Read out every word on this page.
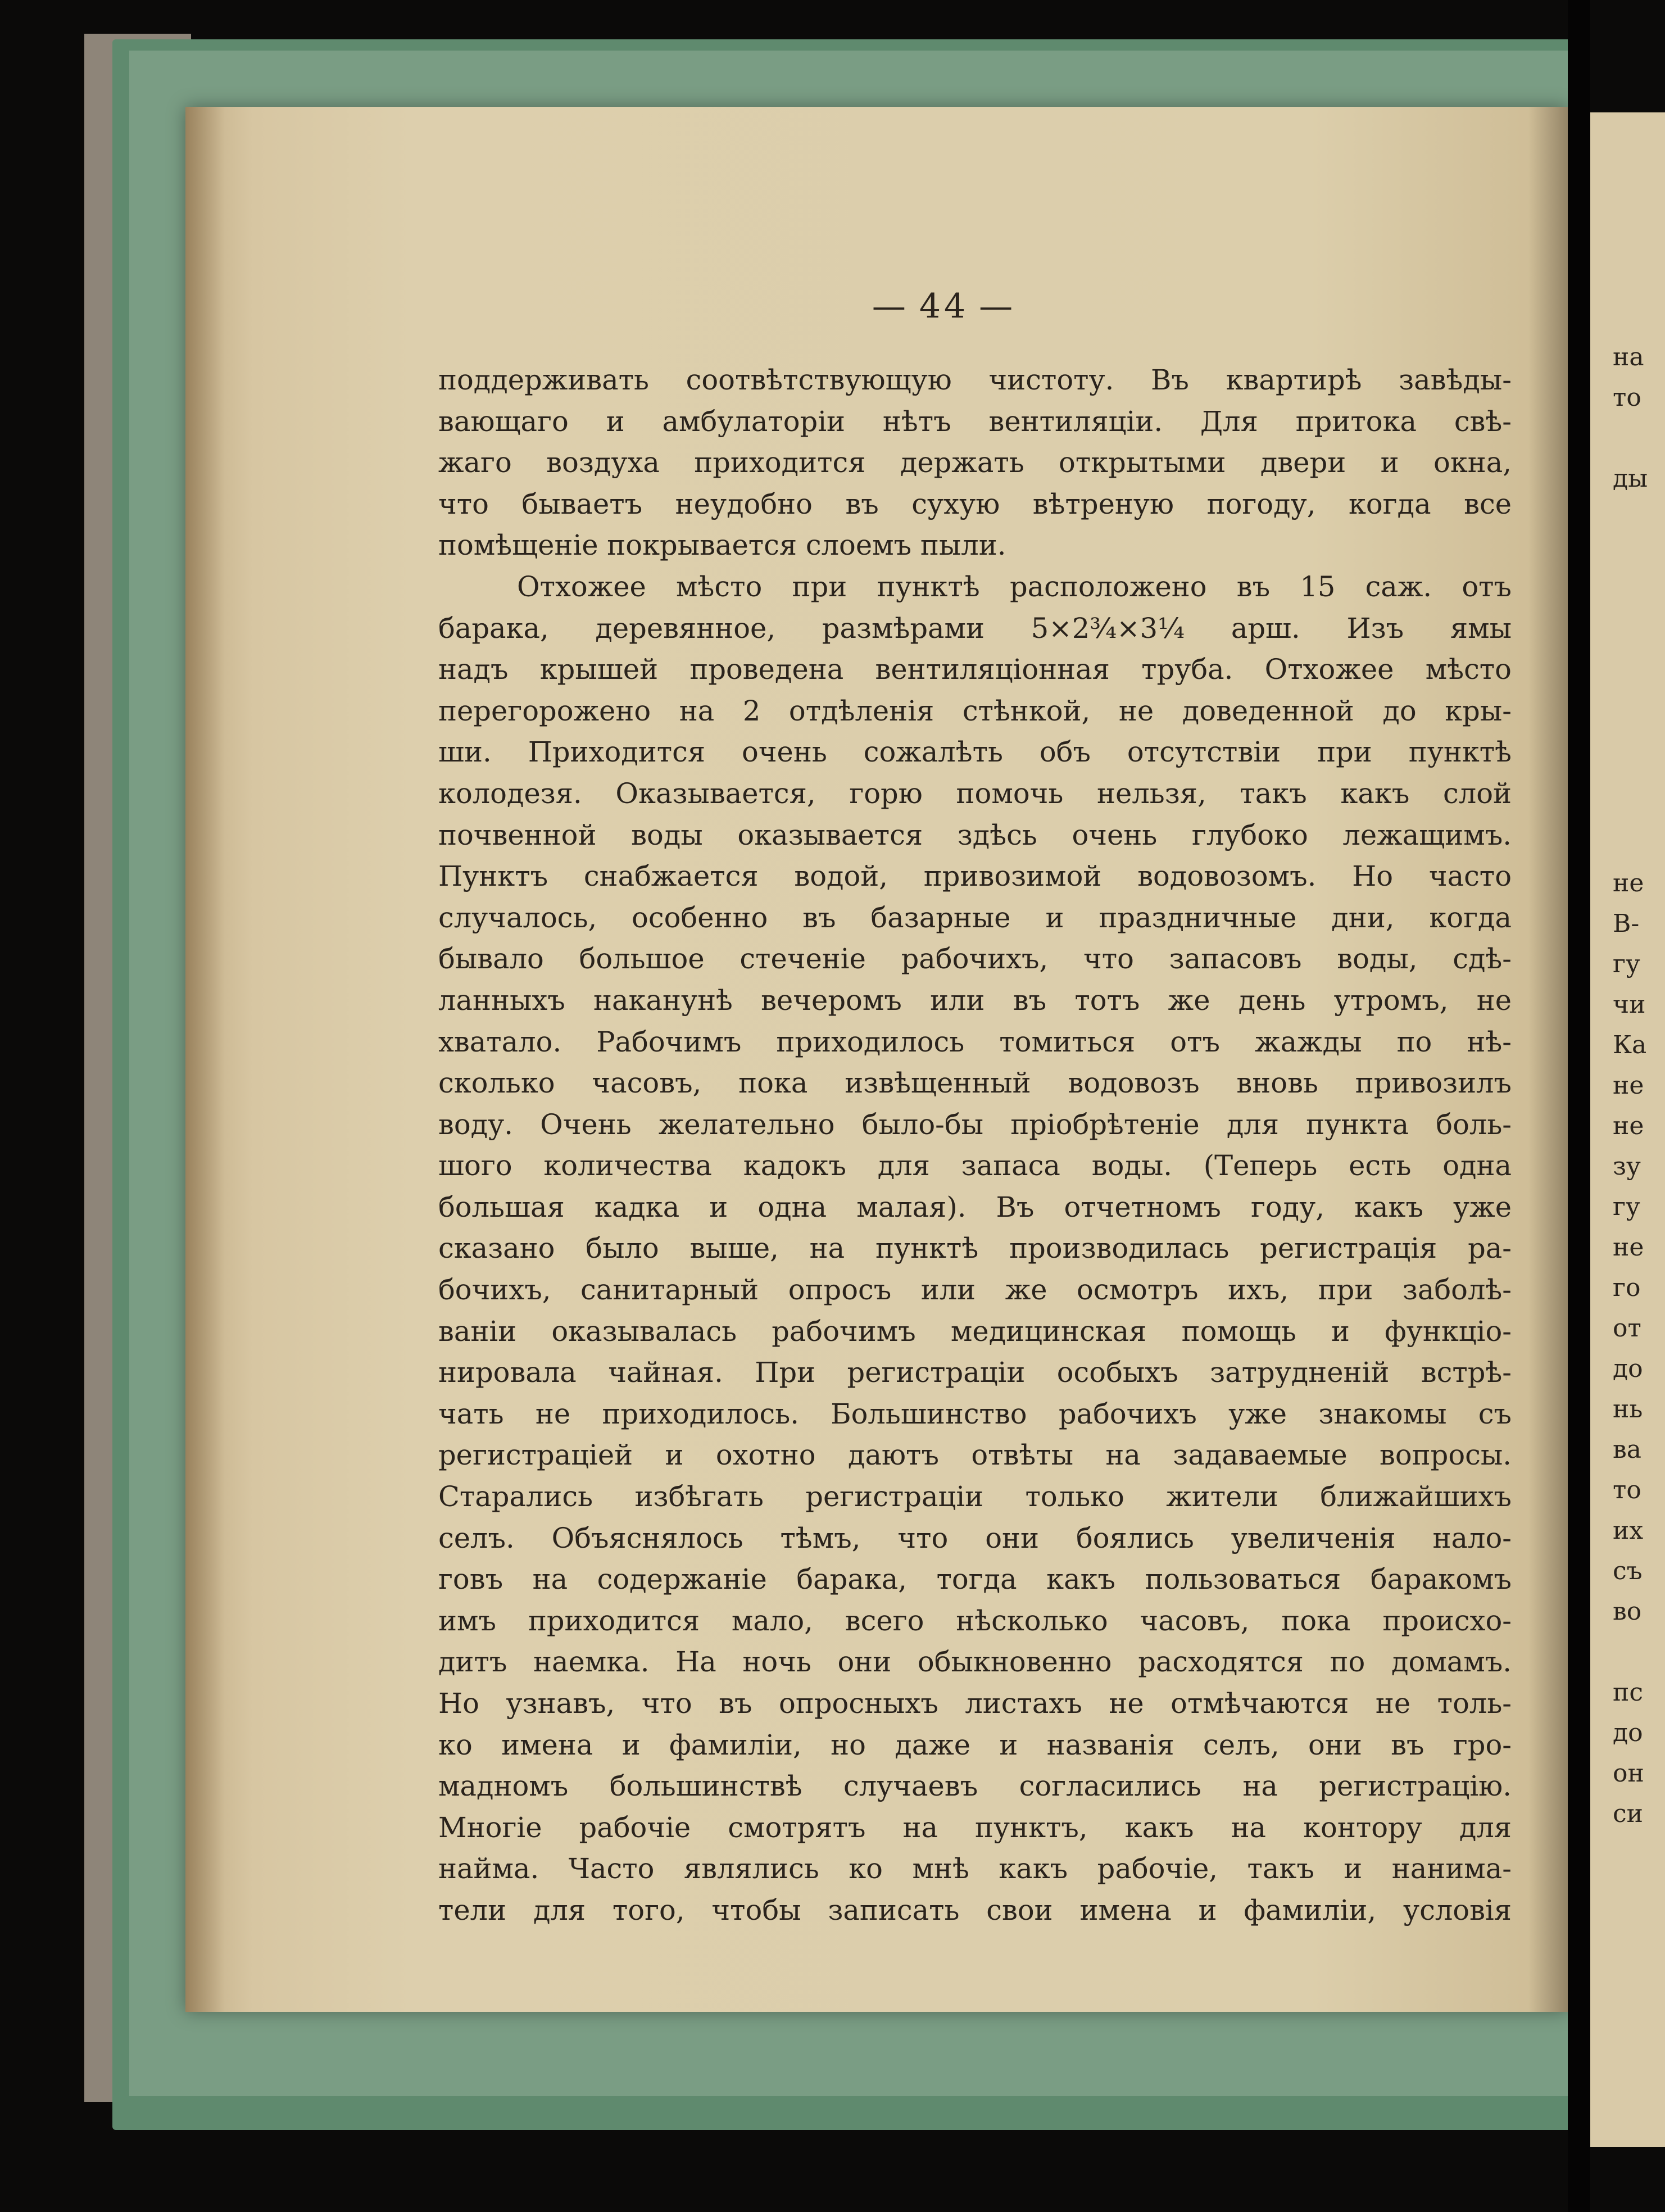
— 44 —
поддерживать соотвѣтствующую чистоту. Въ квартирѣ завѣды-
вающаго и амбулаторіи нѣтъ вентиляціи. Для притока свѣ-
жаго воздуха приходится держать открытыми двери и окна,
что бываетъ неудобно въ сухую вѣтреную погоду, когда все
помѣщеніе покрывается слоемъ пыли.
Отхожее мѣсто при пунктѣ расположено въ 15 саж. отъ
барака, деревянное, размѣрами 5×2¾×3¼ арш. Изъ ямы
надъ крышей проведена вентиляціонная труба. Отхожее мѣсто
перегорожено на 2 отдѣленія стѣнкой, не доведенной до кры-
ши. Приходится очень сожалѣть объ отсутствіи при пунктѣ
колодезя. Оказывается, горю помочь нельзя, такъ какъ слой
почвенной воды оказывается здѣсь очень глубоко лежащимъ.
Пунктъ снабжается водой, привозимой водовозомъ. Но часто
случалось, особенно въ базарные и праздничные дни, когда
бывало большое стеченіе рабочихъ, что запасовъ воды, сдѣ-
ланныхъ наканунѣ вечеромъ или въ тотъ же день утромъ, не
хватало. Рабочимъ приходилось томиться отъ жажды по нѣ-
сколько часовъ, пока извѣщенный водовозъ вновь привозилъ
воду. Очень желательно было-бы пріобрѣтеніе для пункта боль-
шого количества кадокъ для запаса воды. (Теперь есть одна
большая кадка и одна малая). Въ отчетномъ году, какъ уже
сказано было выше, на пунктѣ производилась регистрація ра-
бочихъ, санитарный опросъ или же осмотръ ихъ, при заболѣ-
ваніи оказывалась рабочимъ медицинская помощь и функціо-
нировала чайная. При регистраціи особыхъ затрудненій встрѣ-
чать не приходилось. Большинство рабочихъ уже знакомы съ
регистраціей и охотно даютъ отвѣты на задаваемые вопросы.
Старались избѣгать регистраціи только жители ближайшихъ
селъ. Объяснялось тѣмъ, что они боялись увеличенія нало-
говъ на содержаніе барака, тогда какъ пользоваться баракомъ
имъ приходится мало, всего нѣсколько часовъ, пока происхо-
дитъ наемка. На ночь они обыкновенно расходятся по домамъ.
Но узнавъ, что въ опросныхъ листахъ не отмѣчаются не толь-
ко имена и фамиліи, но даже и названія селъ, они въ гро-
мадномъ большинствѣ случаевъ согласились на регистрацію.
Многіе рабочіе смотрятъ на пунктъ, какъ на контору для
найма. Часто являлись ко мнѣ какъ рабочіе, такъ и нанима-
тели для того, чтобы записать свои имена и фамиліи, условія
на
то
ды
не
В-
гу
чи
Ка
не
не
зу
гу
не
го
от
до
нь
ва
то
их
съ
во
пс
до
он
си
